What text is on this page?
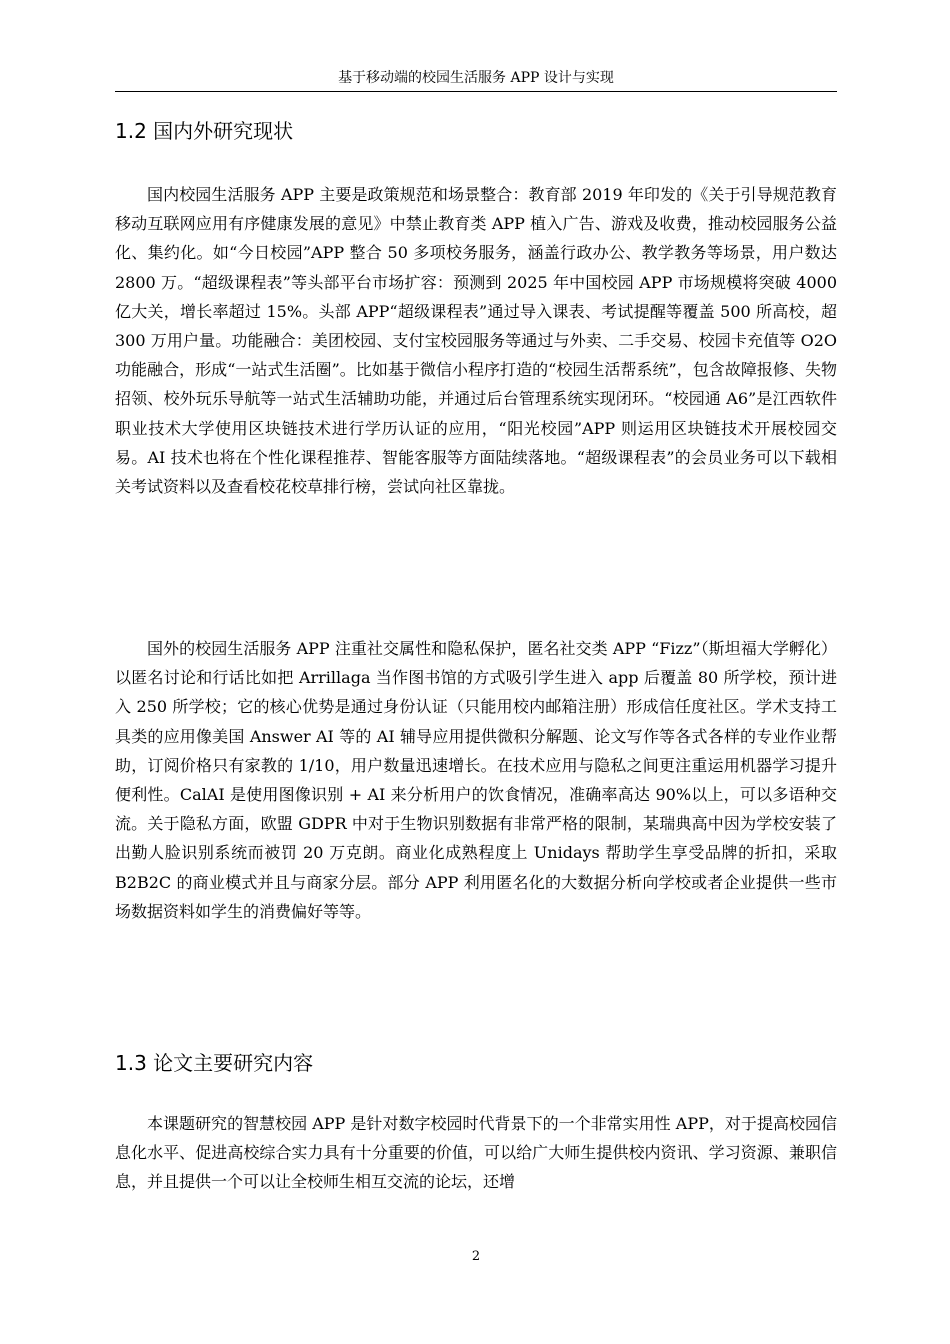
基于移动端的校园生活服务 APP 设计与实现
1.2 国内外研究现状

国内校园生活服务 APP 主要是政策规范和场景整合：教育部 2019 年印发的《关于引导规范教育移动互联网应用有序健康发展的意见》中禁止教育类 APP 植入广告、游戏及收费，推动校园服务公益化、集约化。如“今日校园”APP 整合 50 多项校务服务，涵盖行政办公、教学教务等场景，用户数达 2800 万。“超级课程表”等头部平台市场扩容：预测到 2025 年中国校园 APP 市场规模将突破 4000 亿大关，增长率超过 15%。头部 APP“超级课程表”通过导入课表、考试提醒等覆盖 500 所高校，超 300 万用户量。功能融合：美团校园、支付宝校园服务等通过与外卖、二手交易、校园卡充值等 O2O 功能融合，形成“一站式生活圈”。比如基于微信小程序打造的“校园生活帮系统”，包含故障报修、失物招领、校外玩乐导航等一站式生活辅助功能，并通过后台管理系统实现闭环。“校园通 A6”是江西软件职业技术大学使用区块链技术进行学历认证的应用，“阳光校园”APP 则运用区块链技术开展校园交易。AI 技术也将在个性化课程推荐、智能客服等方面陆续落地。“超级课程表”的会员业务可以下载相关考试资料以及查看校花校草排行榜，尝试向社区靠拢。

国外的校园生活服务 APP 注重社交属性和隐私保护，匿名社交类 APP “Fizz”（斯坦福大学孵化）以匿名讨论和行话比如把 Arrillaga 当作图书馆的方式吸引学生进入 app 后覆盖 80 所学校，预计进入 250 所学校；它的核心优势是通过身份认证（只能用校内邮箱注册）形成信任度社区。学术支持工具类的应用像美国 Answer AI 等的 AI 辅导应用提供微积分解题、论文写作等各式各样的专业作业帮助，订阅价格只有家教的 1/10，用户数量迅速增长。在技术应用与隐私之间更注重运用机器学习提升便利性。CalAI 是使用图像识别 + AI 来分析用户的饮食情况，准确率高达 90%以上，可以多语种交流。关于隐私方面，欧盟 GDPR 中对于生物识别数据有非常严格的限制，某瑞典高中因为学校安装了出勤人脸识别系统而被罚 20 万克朗。商业化成熟程度上 Unidays 帮助学生享受品牌的折扣，采取 B2B2C 的商业模式并且与商家分层。部分 APP 利用匿名化的大数据分析向学校或者企业提供一些市场数据资料如学生的消费偏好等等。

1.3 论文主要研究内容

本课题研究的智慧校园 APP 是针对数字校园时代背景下的一个非常实用性 APP，对于提高校园信息化水平、促进高校综合实力具有十分重要的价值，可以给广大师生提供校内资讯、学习资源、兼职信息，并且提供一个可以让全校师生相互交流的论坛，还增

2
